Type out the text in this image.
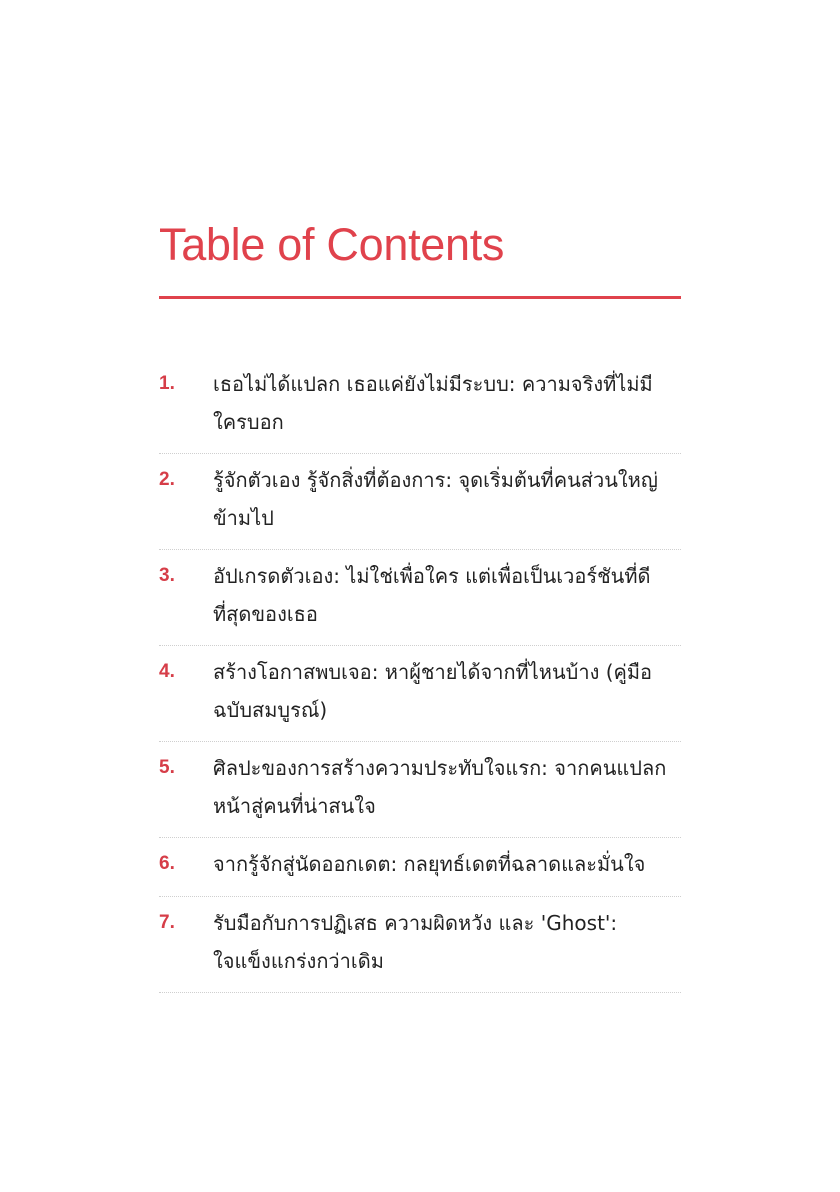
Table of Contents
1.	เธอไม่ได้แปลก เธอแค่ยังไม่มีระบบ: ความจริงที่ไม่มีใครบอก
2.	รู้จักตัวเอง รู้จักสิ่งที่ต้องการ: จุดเริ่มต้นที่คนส่วนใหญ่ข้ามไป
3.	อัปเกรดตัวเอง: ไม่ใช่เพื่อใคร แต่เพื่อเป็นเวอร์ชันที่ดีที่สุดของเธอ
4.	สร้างโอกาสพบเจอ: หาผู้ชายได้จากที่ไหนบ้าง (คู่มือฉบับสมบูรณ์)
5.	ศิลปะของการสร้างความประทับใจแรก: จากคนแปลกหน้าสู่คนที่น่าสนใจ
6.	จากรู้จักสู่นัดออกเดต: กลยุทธ์เดตที่ฉลาดและมั่นใจ
7.	รับมือกับการปฏิเสธ ความผิดหวัง และ 'Ghost': ใจแข็งแกร่งกว่าเดิม
